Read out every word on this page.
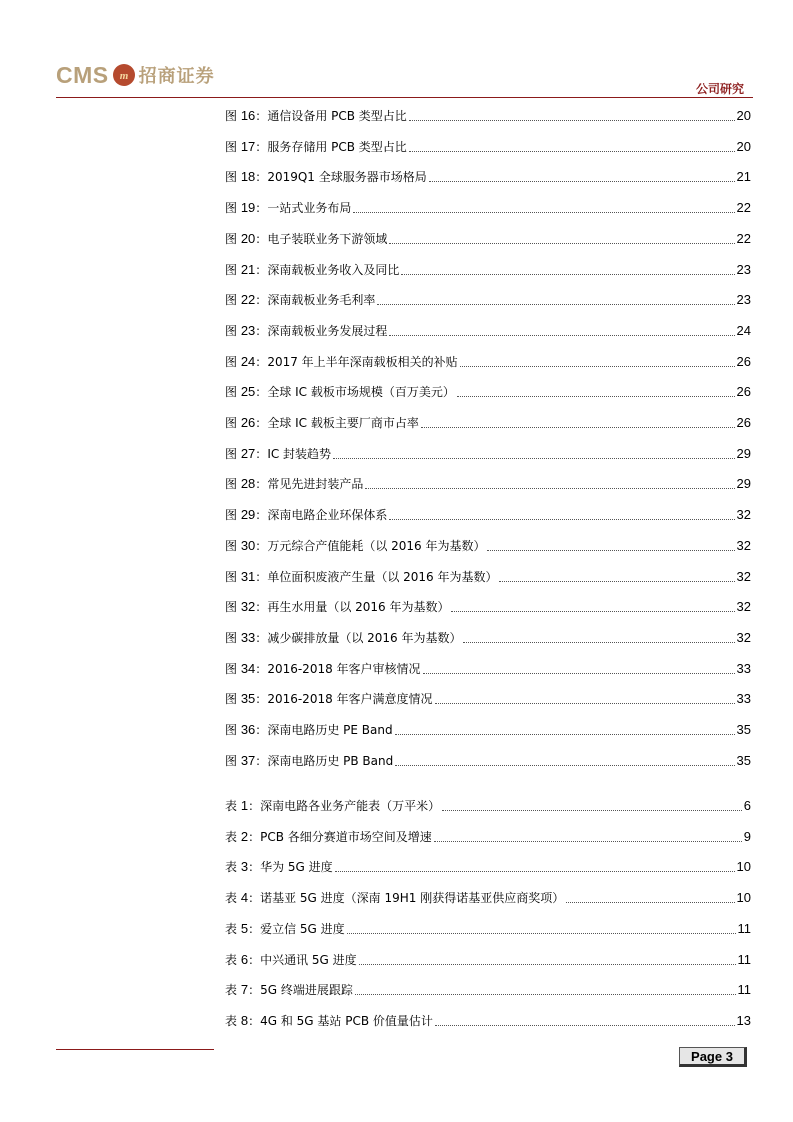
CMS m 招商证券
公司研究
Page 3
图 16：通信设备用 PCB 类型占比	20
图 17：服务存储用 PCB 类型占比	20
图 18：2019Q1 全球服务器市场格局	21
图 19：一站式业务布局	22
图 20：电子装联业务下游领域	22
图 21：深南载板业务收入及同比	23
图 22：深南载板业务毛利率	23
图 23：深南载板业务发展过程	24
图 24：2017 年上半年深南载板相关的补贴	26
图 25：全球 IC 载板市场规模（百万美元）	26
图 26：全球 IC 载板主要厂商市占率	26
图 27：IC 封装趋势	29
图 28：常见先进封装产品	29
图 29：深南电路企业环保体系	32
图 30：万元综合产值能耗（以 2016 年为基数）	32
图 31：单位面积废液产生量（以 2016 年为基数）	32
图 32：再生水用量（以 2016 年为基数）	32
图 33：减少碳排放量（以 2016 年为基数）	32
图 34：2016-2018 年客户审核情况	33
图 35：2016-2018 年客户满意度情况	33
图 36：深南电路历史 PE Band	35
图 37：深南电路历史 PB Band	35
表 1：深南电路各业务产能表（万平米）	6
表 2：PCB 各细分赛道市场空间及增速	9
表 3：华为 5G 进度	10
表 4：诺基亚 5G 进度（深南 19H1 刚获得诺基亚供应商奖项）	10
表 5：爱立信 5G 进度	11
表 6：中兴通讯 5G 进度	11
表 7：5G 终端进展跟踪	11
表 8：4G 和 5G 基站 PCB 价值量估计	13
